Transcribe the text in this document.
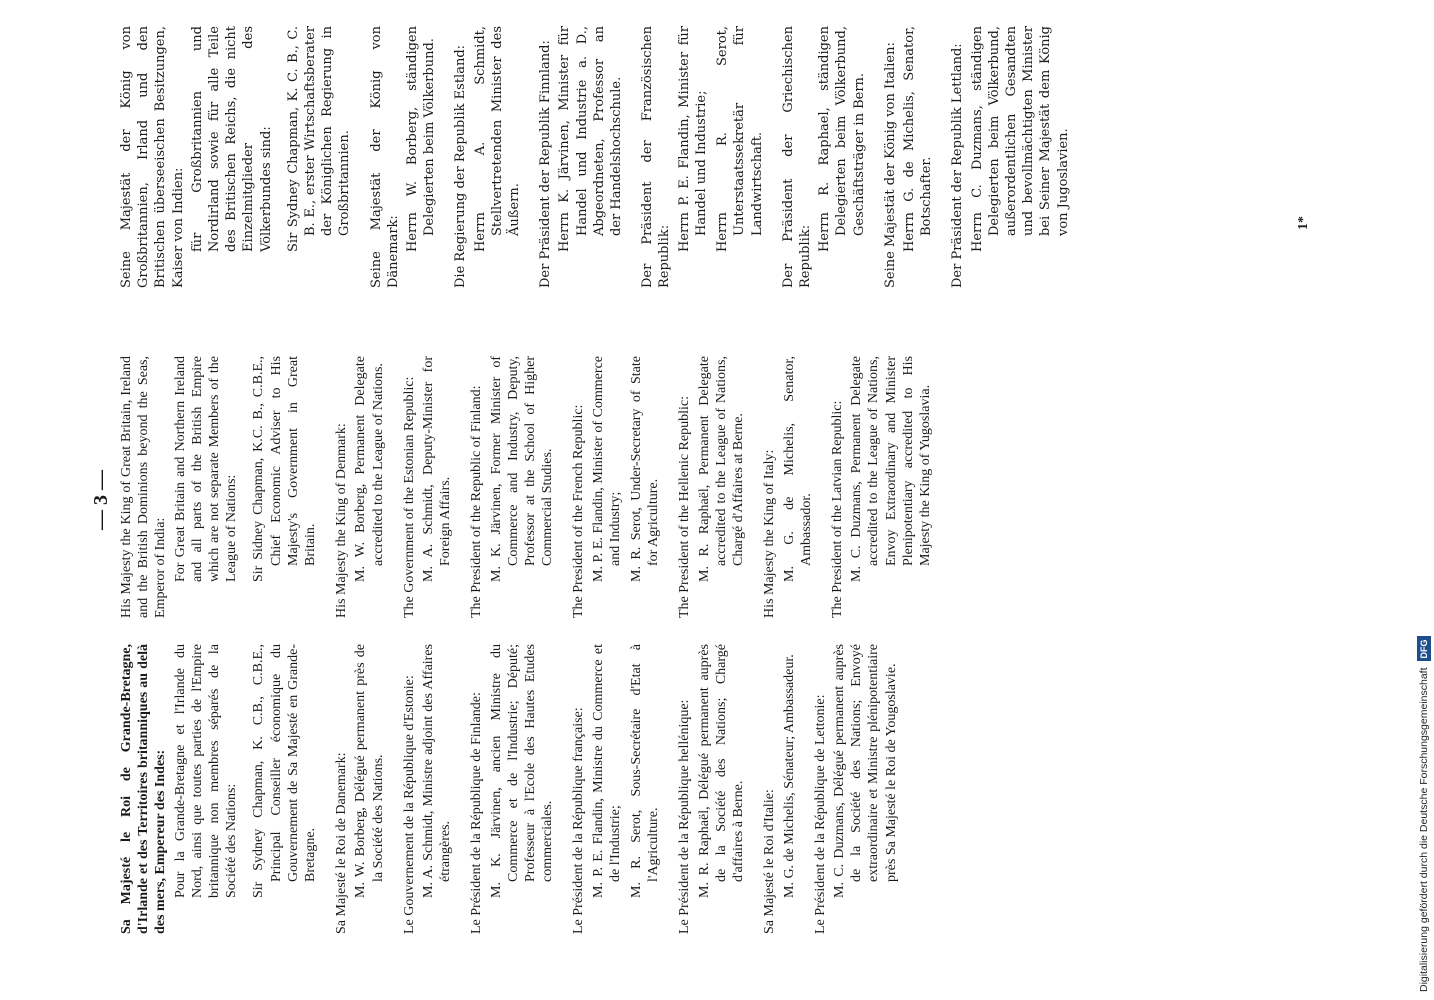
— 3 —
Sa Majesté le Roi de Grande-Bretagne, d'Irlande et des Territoires britanniques au delà des mers, Empereur des Indes: Pour la Grande-Bretagne et l'Irlande du Nord, ainsi que toutes parties de l'Empire britannique non membres séparés de la Société des Nations: Sir Sydney Chapman, K. C.B., C.B.E., Principal Conseiller économique du Gouvernement de Sa Majesté en Grande-Bretagne. Sa Majesté le Roi de Danemark: M. W. Borberg, Délégué permanent près de la Société des Nations. Le Gouvernement de la République d'Estonie: M. A. Schmidt, Ministre adjoint des Affaires étrangères. Le Président de la République de Finlande: M. K. Järvinen, ancien Ministre du Commerce et de l'Industrie; Député; Professeur à l'Ecole des Hautes Etudes commerciales. Le Président de la République française: M. P. E. Flandin, Ministre du Commerce et de l'Industrie; M. R. Serot, Sous-Secrétaire d'Etat à l'Agriculture. Le Président de la République hellénique: M. R. Raphaël, Délégué permanent auprès de la Société des Nations; Chargé d'affaires à Berne. Sa Majesté le Roi d'Italie: M. G. de Michelis, Sénateur; Ambassadeur. Le Président de la République de Lettonie: M. C. Duzmans, Délégué permanent auprès de la Société des Nations; Envoyé extraordinaire et Ministre plénipotentiaire près Sa Majesté le Roi de Yougoslavie.
His Majesty the King of Great Britain, Ireland and the British Dominions beyond the Seas, Emperor of India: For Great Britain and Northern Ireland and all parts of the British Empire which are not separate Members of the League of Nations: Sir Sidney Chapman, K.C. B., C.B.E., Chief Economic Adviser to His Majesty's Government in Great Britain. His Majesty the King of Denmark: M. W. Borberg, Permanent Delegate accredited to the League of Nations. The Government of the Estonian Republic: M. A. Schmidt, Deputy-Minister for Foreign Affairs. The President of the Republic of Finland: M. K. Järvinen, Former Minister of Commerce and Industry, Deputy, Professor at the School of Higher Commercial Studies. The President of the French Republic: M. P. E. Flandin, Minister of Commerce and Industry; M. R. Serot, Under-Secretary of State for Agriculture. The President of the Hellenic Republic: M. R. Raphaël, Permanent Delegate accredited to the League of Nations, Chargé d'Affaires at Berne. His Majesty the King of Italy: M. G. de Michelis, Senator, Ambassador. The President of the Latvian Republic: M. C. Duzmans, Permanent Delegate accredited to the League of Nations, Envoy Extraordinary and Minister Plenipotentiary accredited to His Majesty the King of Yugoslavia.
Seine Majestät der König von Großbritannien, Irland und den Britischen überseeischen Besitzungen, Kaiser von Indien: für Großbritannien und Nordirland sowie für alle Teile des Britischen Reichs, die nicht Einzelmitglieder des Völkerbundes sind: Sir Sydney Chapman, K. C. B., C. B. E., erster Wirtschaftsberater der Königlichen Regierung in Großbritannien. Seine Majestät der König von Dänemark: Herrn W. Borberg, ständigen Delegierten beim Völkerbund. Die Regierung der Republik Estland: Herrn A. Schmidt, Stellvertretenden Minister des Äußern. Der Präsident der Republik Finnland: Herrn K. Järvinen, Minister für Handel und Industrie a. D., Abgeordneten, Professor an der Handelshochschule. Der Präsident der Französischen Republik:
Herrn P. E. Flandin, Minister für Handel und Industrie; Herrn R. Serot, Unterstaatssekretär für Landwirtschaft. Der Präsident der Griechischen Republik:
Herrn R. Raphael, ständigen Delegierten beim Völkerbund, Geschäftsträger in Bern. Seine Majestät der König von Italien: Herrn G. de Michelis, Senator, Botschafter. Der Präsident der Republik Lettland: Herrn C. Duzmans, ständigen Delegierten beim Völkerbund, außerordentlichen Gesandten und bevollmächtigten Minister bei Seiner Majestät dem König von Jugoslavien.	1*
Digitalisierung gefördert durch die Deutsche Forschungsgemeinschaft
DFG
